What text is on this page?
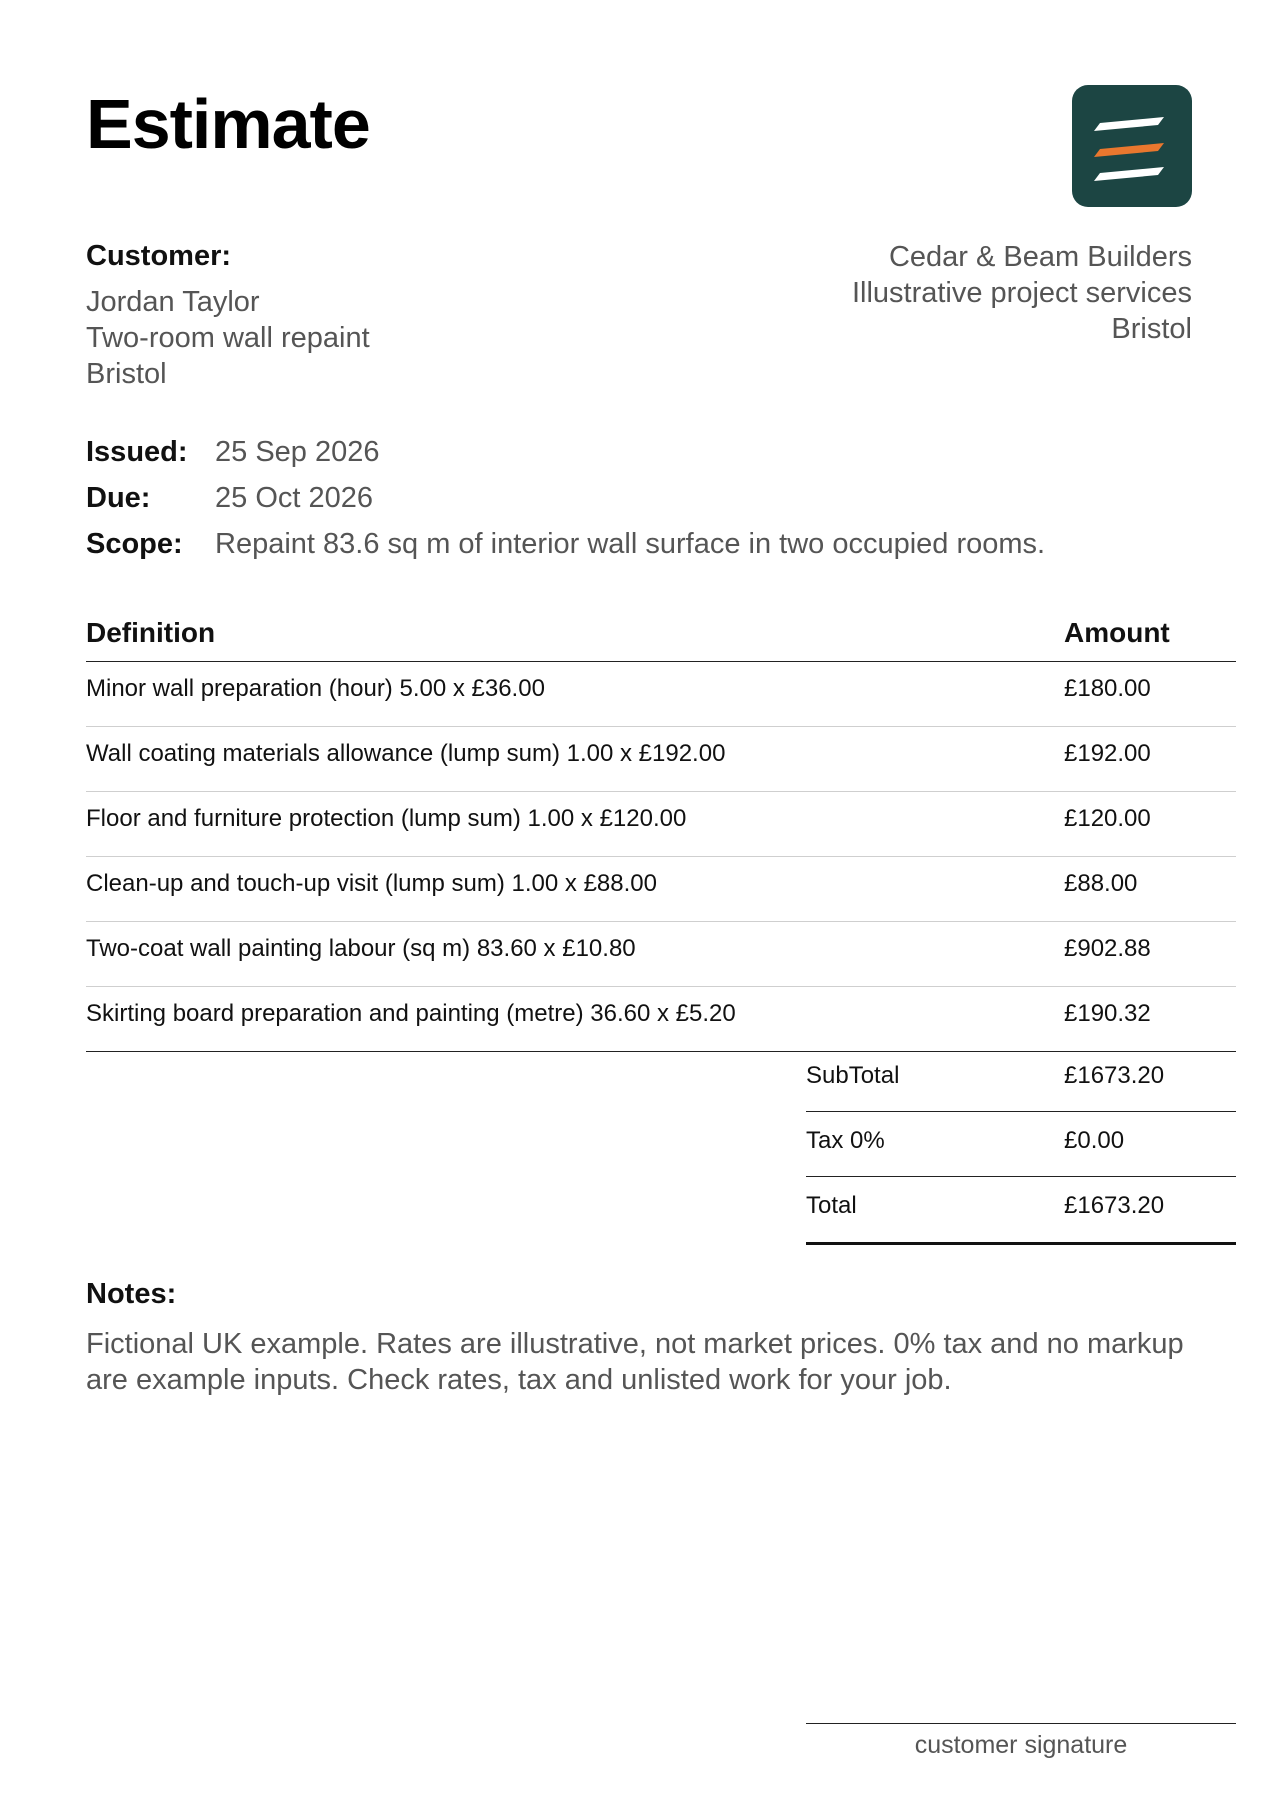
Estimate
Customer:
Jordan Taylor
Two-room wall repaint
Bristol
Cedar & Beam Builders
Illustrative project services
Bristol
Issued: 25 Sep 2026
Due: 25 Oct 2026
Scope: Repaint 83.6 sq m of interior wall surface in two occupied rooms.
Definition	Amount
Minor wall preparation (hour) 5.00 x £36.00	£180.00
Wall coating materials allowance (lump sum) 1.00 x £192.00	£192.00
Floor and furniture protection (lump sum) 1.00 x £120.00	£120.00
Clean-up and touch-up visit (lump sum) 1.00 x £88.00	£88.00
Two-coat wall painting labour (sq m) 83.60 x £10.80	£902.88
Skirting board preparation and painting (metre) 36.60 x £5.20	£190.32
SubTotal	£1673.20
Tax 0%	£0.00
Total	£1673.20
Notes:
Fictional UK example. Rates are illustrative, not market prices. 0% tax and no markup are example inputs. Check rates, tax and unlisted work for your job.
customer signature
